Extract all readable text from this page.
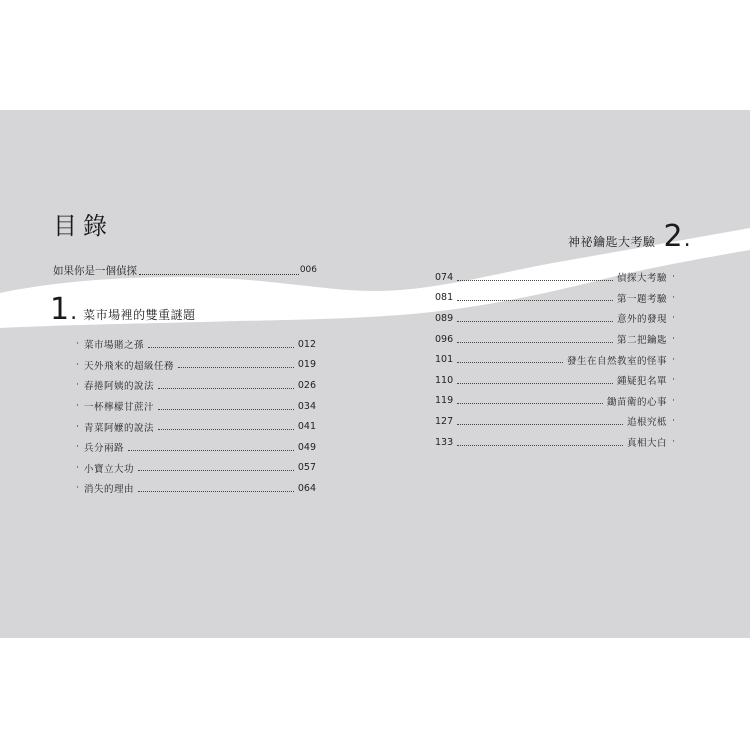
目錄
如果你是一個偵探	006
1 . 菜市場裡的雙重謎題
· 菜市場賭之孫	012
· 天外飛來的超級任務	019
· 春捲阿姨的說法	026
· 一杯檸檬甘蔗汁	034
· 青菜阿嬤的說法	041
· 兵分兩路	049
· 小寶立大功	057
· 消失的理由	064
神祕鑰匙大考驗 2 .
074	偵探大考驗 ·
081	第一題考驗 ·
089	意外的發現 ·
096	第二把鑰匙 ·
101	發生在自然教室的怪事 ·
110	鍾疑犯名單 ·
119	鋤苗衛的心事 ·
127	追根究柢 ·
133	真相大白 ·
